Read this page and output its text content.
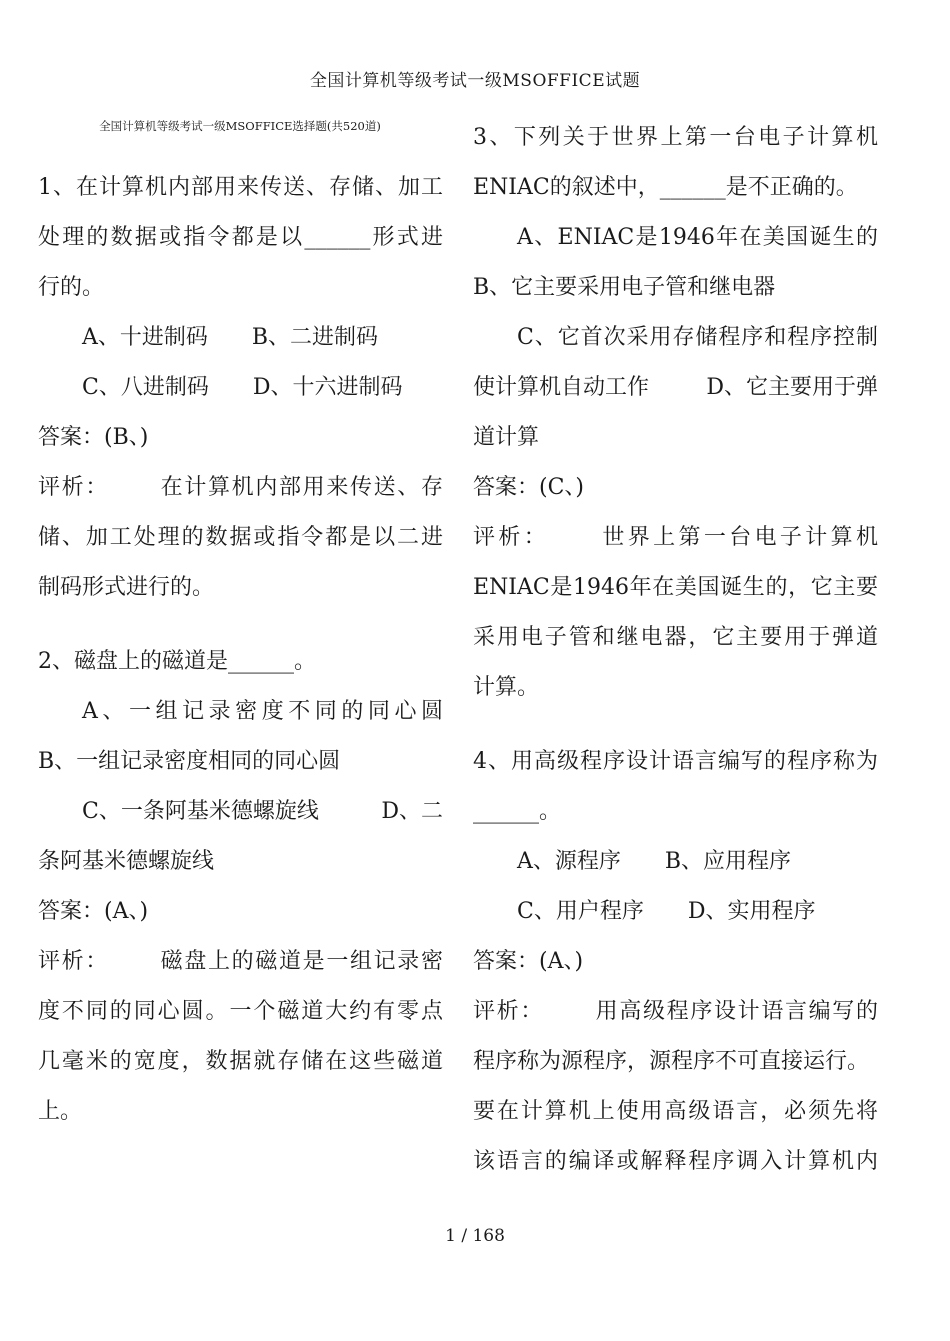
全国计算机等级考试一级MSOFFICE试题
全国计算机等级考试一级MSOFFICE选择题(共520道)
1、在计算机内部用来传送、存储、加工
处理的数据或指令都是以______形式进
行的。
A、十进制码 B、二进制码
C、八进制码 D、十六进制码
答案：(B、)
评析： 在计算机内部用来传送、存
储、加工处理的数据或指令都是以二进
制码形式进行的。
2、磁盘上的磁道是______。
A、一组记录密度不同的同心圆
B、一组记录密度相同的同心圆
C、一条阿基米德螺旋线	D、二
条阿基米德螺旋线
答案：(A、)
评析： 磁盘上的磁道是一组记录密
度不同的同心圆。一个磁道大约有零点
几毫米的宽度，数据就存储在这些磁道
上。
3、下列关于世界上第一台电子计算机
ENIAC的叙述中，______是不正确的。
A、ENIAC是1946年在美国诞生的
B、它主要采用电子管和继电器
C、它首次采用存储程序和程序控制
使计算机自动工作	D、它主要用于弹
道计算
答案：(C、)
评析： 世界上第一台电子计算机
ENIAC是1946年在美国诞生的，它主要
采用电子管和继电器，它主要用于弹道
计算。
4、用高级程序设计语言编写的程序称为
______。
A、源程序 B、应用程序
C、用户程序 D、实用程序
答案：(A、)
评析： 用高级程序设计语言编写的
程序称为源程序，源程序不可直接运行。
要在计算机上使用高级语言，必须先将
该语言的编译或解释程序调入计算机内
1 / 168
